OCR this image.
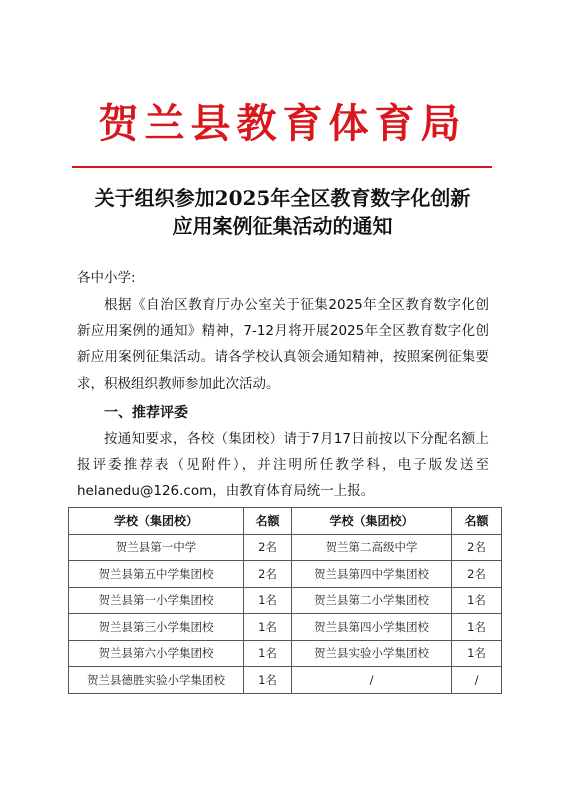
贺兰县教育体育局
关于组织参加2025年全区教育数字化创新
应用案例征集活动的通知
各中小学:

根据《自治区教育厅办公室关于征集2025年全区教育数字化创新应用案例的通知》精神，7-12月将开展2025年全区教育数字化创新应用案例征集活动。请各学校认真领会通知精神，按照案例征集要求，积极组织教师参加此次活动。

一、推荐评委

按通知要求，各校（集团校）请于7月17日前按以下分配名额上报评委推荐表（见附件），并注明所任教学科，电子版发送至helanedu@126.com，由教育体育局统一上报。

学校（集团校）	名额	学校（集团校）	名额
贺兰县第一中学	2名	贺兰第二高级中学	2名
贺兰县第五中学集团校	2名	贺兰县第四中学集团校	2名
贺兰县第一小学集团校	1名	贺兰县第二小学集团校	1名
贺兰县第三小学集团校	1名	贺兰县第四小学集团校	1名
贺兰县第六小学集团校	1名	贺兰县实验小学集团校	1名
贺兰县德胜实验小学集团校	1名	/	/
